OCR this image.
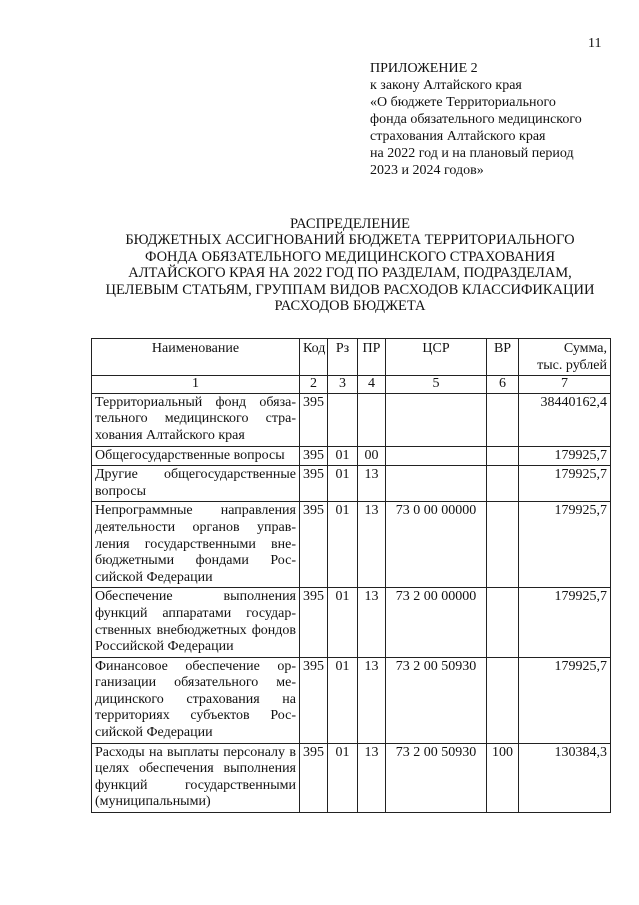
11
ПРИЛОЖЕНИЕ 2
к закону Алтайского края
«О бюджете Территориального
фонда обязательного медицинского
страхования Алтайского края
на 2022 год и на плановый период
2023 и 2024 годов»
РАСПРЕДЕЛЕНИЕ
БЮДЖЕТНЫХ АССИГНОВАНИЙ БЮДЖЕТА ТЕРРИТОРИАЛЬНОГО
ФОНДА ОБЯЗАТЕЛЬНОГО МЕДИЦИНСКОГО СТРАХОВАНИЯ
АЛТАЙСКОГО КРАЯ НА 2022 ГОД ПО РАЗДЕЛАМ, ПОДРАЗДЕЛАМ,
ЦЕЛЕВЫМ СТАТЬЯМ, ГРУППАМ ВИДОВ РАСХОДОВ КЛАССИФИКАЦИИ
РАСХОДОВ БЮДЖЕТА
Наименование	Код	Рз	ПР	ЦСР	ВР	Сумма,
тыс. рублей

1	2	3	4	5	6	7
Территориальный фонд обязательного медицинского страхования Алтайского края	395					38440162,4
Общегосударственные вопросы	395	01	00			179925,7
Другие общегосударственные вопросы	395	01	13			179925,7
Непрограммные направления деятельности органов управления государственными внебюджетными фондами Российской Федерации	395	01	13	73 0 00 00000		179925,7
Обеспечение выполнения функций аппаратами государственных внебюджетных фондов Российской Федерации	395	01	13	73 2 00 00000		179925,7
Финансовое обеспечение организации обязательного медицинского страхования на территориях субъектов Российской Федерации	395	01	13	73 2 00 50930		179925,7
Расходы на выплаты персоналу в целях обеспечения выполнения функций государственными (муниципальными)	395	01	13	73 2 00 50930	100	130384,3
